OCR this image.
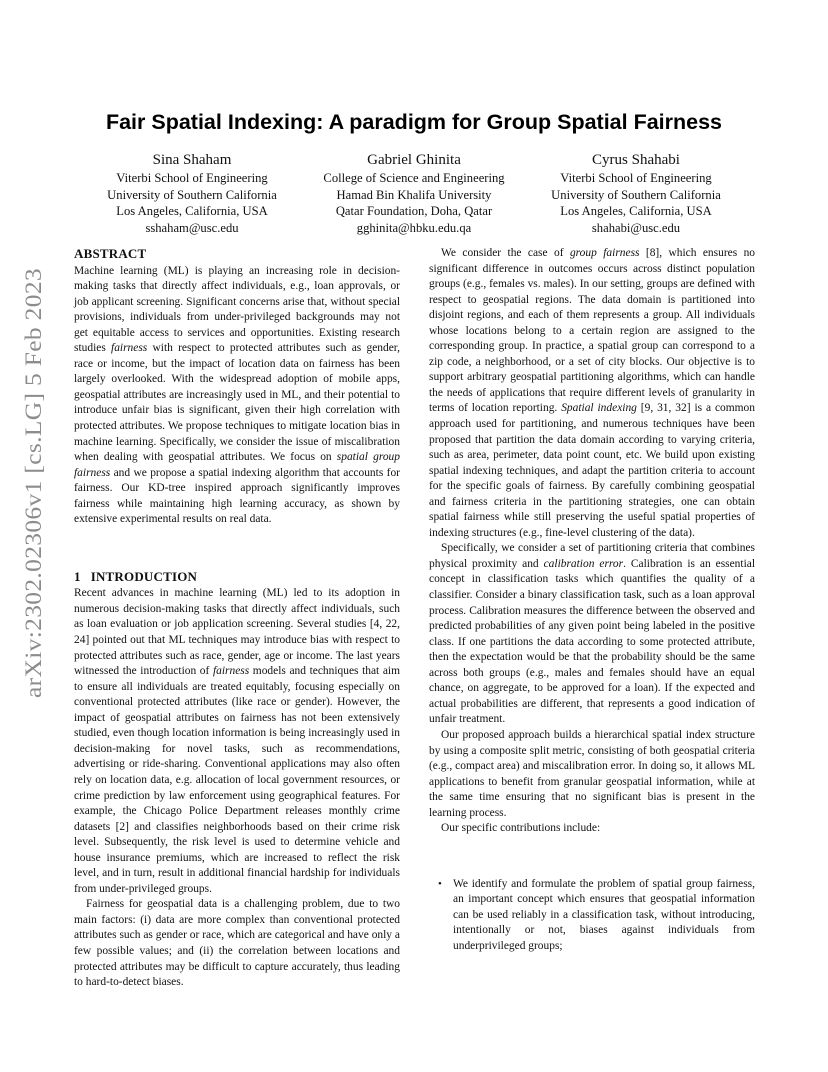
arXiv:2302.02306v1 [cs.LG] 5 Feb 2023
Fair Spatial Indexing: A paradigm for Group Spatial Fairness
Sina Shaham
Viterbi School of Engineering
University of Southern California
Los Angeles, California, USA
sshaham@usc.edu
Gabriel Ghinita
College of Science and Engineering
Hamad Bin Khalifa University
Qatar Foundation, Doha, Qatar
gghinita@hbku.edu.qa
Cyrus Shahabi
Viterbi School of Engineering
University of Southern California
Los Angeles, California, USA
shahabi@usc.edu
ABSTRACT

Machine learning (ML) is playing an increasing role in decision-making tasks that directly affect individuals, e.g., loan approvals, or job applicant screening. Significant concerns arise that, without special provisions, individuals from under-privileged backgrounds may not get equitable access to services and opportunities. Existing research studies fairness with respect to protected attributes such as gender, race or income, but the impact of location data on fairness has been largely overlooked. With the widespread adoption of mobile apps, geospatial attributes are increasingly used in ML, and their potential to introduce unfair bias is significant, given their high correlation with protected attributes. We propose techniques to mitigate location bias in machine learning. Specifically, we consider the issue of miscalibration when dealing with geospatial attributes. We focus on spatial group fairness and we propose a spatial indexing algorithm that accounts for fairness. Our KD-tree inspired approach significantly improves fairness while maintaining high learning accuracy, as shown by extensive experimental results on real data.

1 INTRODUCTION

Recent advances in machine learning (ML) led to its adoption in numerous decision-making tasks that directly affect individuals, such as loan evaluation or job application screening. Several studies [4, 22, 24] pointed out that ML techniques may introduce bias with respect to protected attributes such as race, gender, age or income. The last years witnessed the introduction of fairness models and techniques that aim to ensure all individuals are treated equitably, focusing especially on conventional protected attributes (like race or gender). However, the impact of geospatial attributes on fairness has not been extensively studied, even though location information is being increasingly used in decision-making for novel tasks, such as recommendations, advertising or ride-sharing. Conventional applications may also often rely on location data, e.g. allocation of local government resources, or crime prediction by law enforcement using geographical features. For example, the Chicago Police Department releases monthly crime datasets [2] and classifies neighborhoods based on their crime risk level. Subsequently, the risk level is used to determine vehicle and house insurance premiums, which are increased to reflect the risk level, and in turn, result in additional financial hardship for individuals from under-privileged groups.

Fairness for geospatial data is a challenging problem, due to two main factors: (i) data are more complex than conventional protected attributes such as gender or race, which are categorical and have only a few possible values; and (ii) the correlation between locations and protected attributes may be difficult to capture accurately, thus leading to hard-to-detect biases.

We consider the case of group fairness [8], which ensures no significant difference in outcomes occurs across distinct population groups (e.g., females vs. males). In our setting, groups are defined with respect to geospatial regions. The data domain is partitioned into disjoint regions, and each of them represents a group. All individuals whose locations belong to a certain region are assigned to the corresponding group. In practice, a spatial group can correspond to a zip code, a neighborhood, or a set of city blocks. Our objective is to support arbitrary geospatial partitioning algorithms, which can handle the needs of applications that require different levels of granularity in terms of location reporting. Spatial indexing [9, 31, 32] is a common approach used for partitioning, and numerous techniques have been proposed that partition the data domain according to varying criteria, such as area, perimeter, data point count, etc. We build upon existing spatial indexing techniques, and adapt the partition criteria to account for the specific goals of fairness. By carefully combining geospatial and fairness criteria in the partitioning strategies, one can obtain spatial fairness while still preserving the useful spatial properties of indexing structures (e.g., fine-level clustering of the data).

Specifically, we consider a set of partitioning criteria that combines physical proximity and calibration error. Calibration is an essential concept in classification tasks which quantifies the quality of a classifier. Consider a binary classification task, such as a loan approval process. Calibration measures the difference between the observed and predicted probabilities of any given point being labeled in the positive class. If one partitions the data according to some protected attribute, then the expectation would be that the probability should be the same across both groups (e.g., males and females should have an equal chance, on aggregate, to be approved for a loan). If the expected and actual probabilities are different, that represents a good indication of unfair treatment.

Our proposed approach builds a hierarchical spatial index structure by using a composite split metric, consisting of both geospatial criteria (e.g., compact area) and miscalibration error. In doing so, it allows ML applications to benefit from granular geospatial information, while at the same time ensuring that no significant bias is present in the learning process.

Our specific contributions include:

• We identify and formulate the problem of spatial group fairness, an important concept which ensures that geospatial information can be used reliably in a classification task, without introducing, intentionally or not, biases against individuals from underprivileged groups;
